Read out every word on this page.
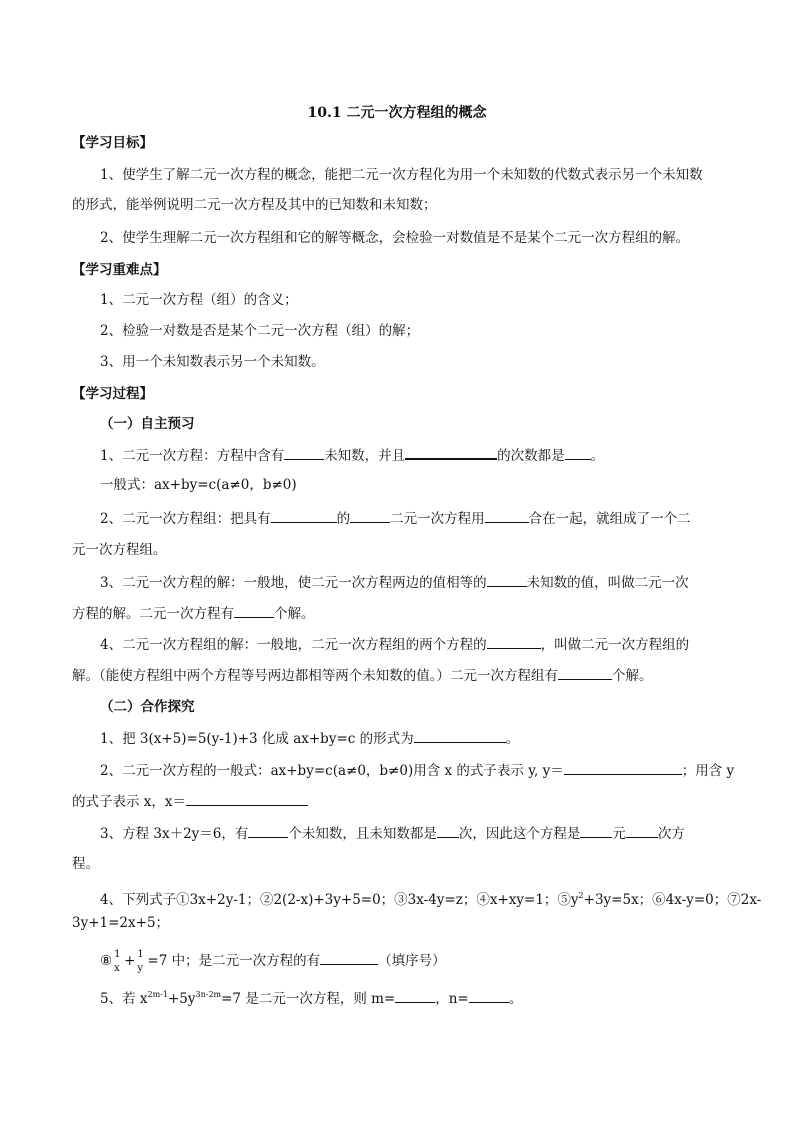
10.1 二元一次方程组的概念
【学习目标】
1、使学生了解二元一次方程的概念，能把二元一次方程化为用一个未知数的代数式表示另一个未知数
的形式，能举例说明二元一次方程及其中的已知数和未知数；
2、使学生理解二元一次方程组和它的解等概念，会检验一对数值是不是某个二元一次方程组的解。
【学习重难点】
1、二元一次方程（组）的含义；
2、检验一对数是否是某个二元一次方程（组）的解；
3、用一个未知数表示另一个未知数。
【学习过程】
（一）自主预习
1、二元一次方程：方程中含有	未知数，并且	的次数都是 。
一般式：ax+by=c(a≠0，b≠0)
2、二元一次方程组：把具有	的	二元一次方程用	合在一起，就组成了一个二
元一次方程组。
3、二元一次方程的解：一般地，使二元一次方程两边的值相等的	未知数的值，叫做二元一次
方程的解。二元一次方程有	个解。
4、二元一次方程组的解：一般地，二元一次方程组的两个方程的	，叫做二元一次方程组的
解。（能使方程组中两个方程等号两边都相等两个未知数的值。）二元一次方程组有	个解。
（二）合作探究
1、把 3(x+5)=5(y-1)+3 化成 ax+by=c 的形式为	。
2、二元一次方程的一般式：ax+by=c(a≠0，b≠0)用含 x 的式子表示 y, y＝	；用含 y
的式子表示 x，x＝
3、方程 3x＋2y＝6，有	个未知数，且未知数都是 次，因此这个方程是 元 次方
程。
4、下列式子①3x+2y-1；②2(2-x)+3y+5=0；③3x-4y=z；④x+xy=1；$⑤y^2+3y=5x$；⑥4x-y=0；⑦2x-
3y+1=2x+5；
⑧ 1
x + 1
y =7 中；是二元一次方程的有	（填序号）
5、若 $x^{2m-1}+5y^{3n-2m}=7$ 是二元一次方程，则 m=	，n=	。
